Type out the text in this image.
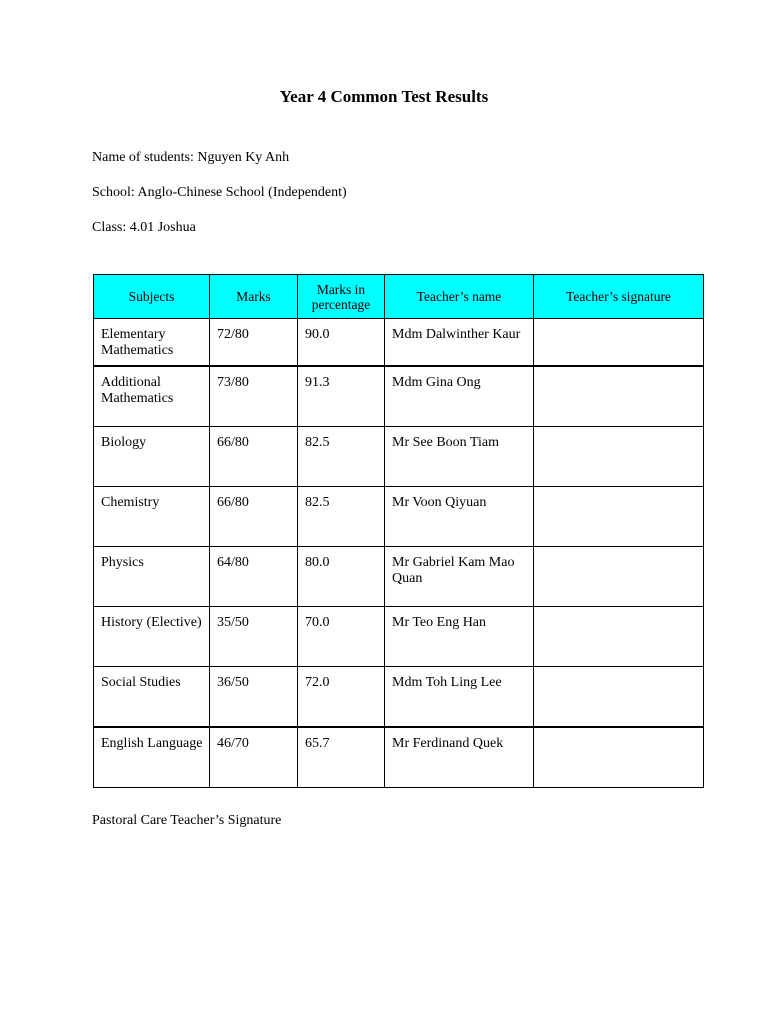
Year 4 Common Test Results
Name of students: Nguyen Ky Anh
School: Anglo-Chinese School (Independent)
Class: 4.01 Joshua
Subjects	Marks	Marks in percentage	Teacher’s name	Teacher’s signature
Elementary Mathematics	72/80	90.0	Mdm Dalwinther Kaur	
Additional Mathematics	73/80	91.3	Mdm Gina Ong	
Biology	66/80	82.5	Mr See Boon Tiam	
Chemistry	66/80	82.5	Mr Voon Qiyuan	
Physics	64/80	80.0	Mr Gabriel Kam Mao Quan	
History (Elective)	35/50	70.0	Mr Teo Eng Han	
Social Studies	36/50	72.0	Mdm Toh Ling Lee	
English Language	46/70	65.7	Mr Ferdinand Quek	
Pastoral Care Teacher’s Signature
